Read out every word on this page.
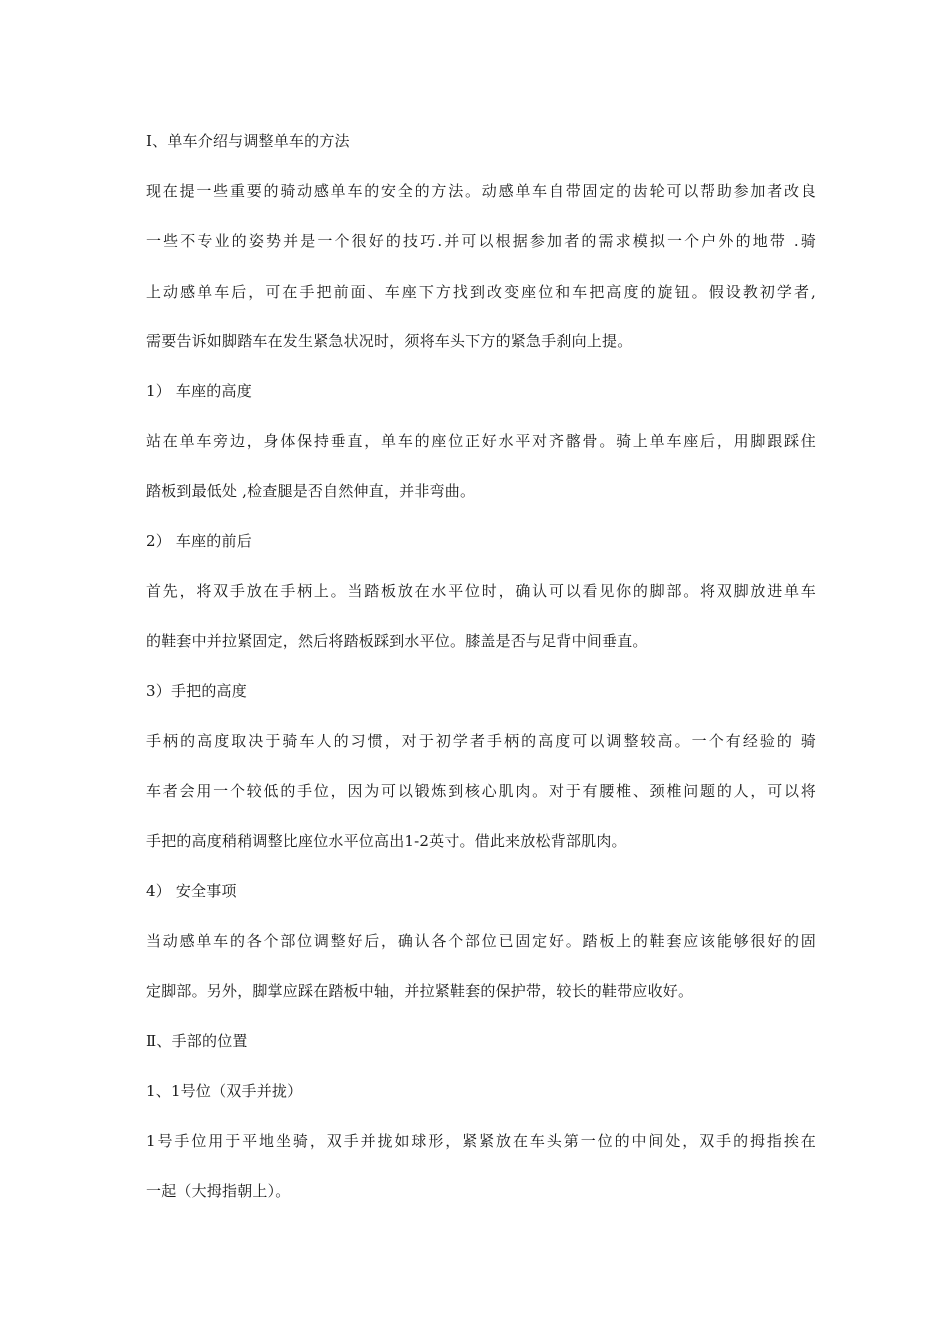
Ⅰ、单车介绍与调整单车的方法
现在提一些重要的骑动感单车的安全的方法。动感单车自带固定的齿轮可以帮助参加者改良
一些不专业的姿势并是一个很好的技巧.并可以根据参加者的需求模拟一个户外的地带 .骑
上动感单车后，可在手把前面、车座下方找到改变座位和车把高度的旋钮。假设教初学者,
需要告诉如脚踏车在发生紧急状况时，须将车头下方的紧急手刹向上提。
1） 车座的高度
站在单车旁边，身体保持垂直，单车的座位正好水平对齐髂骨。骑上单车座后，用脚跟踩住
踏板到最低处 ,检查腿是否自然伸直，并非弯曲。
2） 车座的前后
首先，将双手放在手柄上。当踏板放在水平位时，确认可以看见你的脚部。将双脚放进单车
的鞋套中并拉紧固定，然后将踏板踩到水平位。膝盖是否与足背中间垂直。
3）手把的高度
手柄的高度取决于骑车人的习惯，对于初学者手柄的高度可以调整较高。一个有经验的 骑
车者会用一个较低的手位，因为可以锻炼到核心肌肉。对于有腰椎、颈椎问题的人，可以将
手把的高度稍稍调整比座位水平位高出1-2英寸。借此来放松背部肌肉。
4） 安全事项
当动感单车的各个部位调整好后，确认各个部位已固定好。踏板上的鞋套应该能够很好的固
定脚部。另外，脚掌应踩在踏板中轴，并拉紧鞋套的保护带，较长的鞋带应收好。
Ⅱ、手部的位置
1、1号位（双手并拢）
1号手位用于平地坐骑，双手并拢如球形，紧紧放在车头第一位的中间处，双手的拇指挨在
一起（大拇指朝上）。
